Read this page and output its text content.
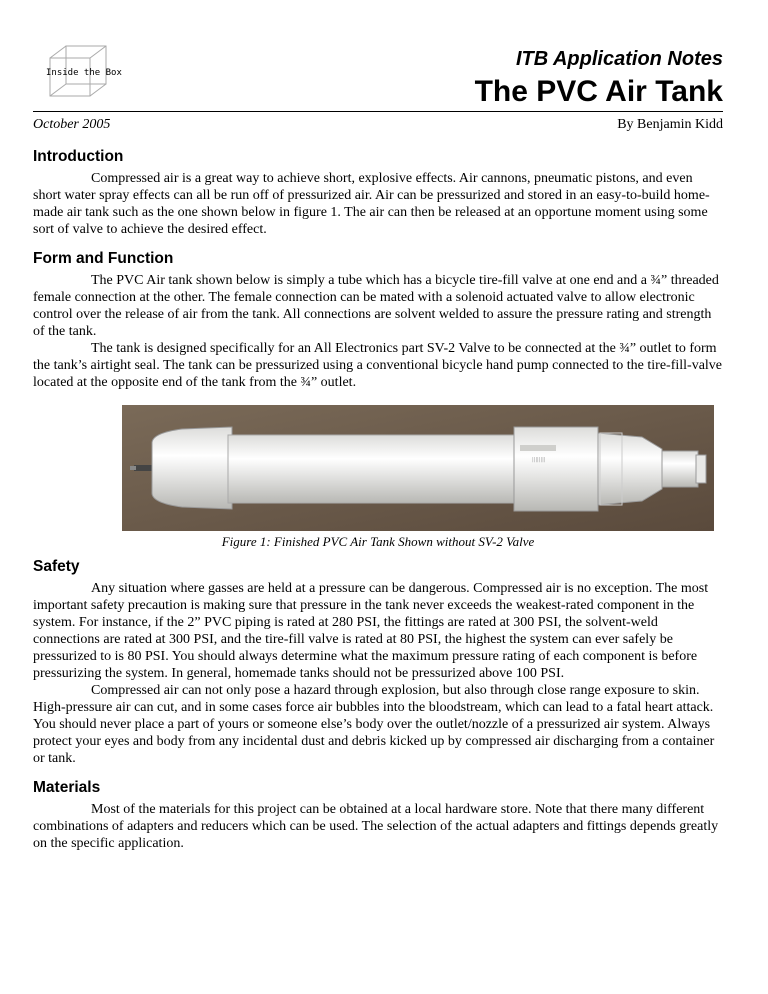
Inside the Box
ITB Application Notes
The PVC Air Tank
October 2005	By Benjamin Kidd
Introduction

Compressed air is a great way to achieve short, explosive effects. Air cannons, pneumatic pistons, and even short water spray effects can all be run off of pressurized air. Air can be pressurized and stored in an easy-to-build home-made air tank such as the one shown below in figure 1. The air can then be released at an opportune moment using some sort of valve to achieve the desired effect.

Form and Function

The PVC Air tank shown below is simply a tube which has a bicycle tire-fill valve at one end and a ¾” threaded female connection at the other. The female connection can be mated with a solenoid actuated valve to allow electronic control over the release of air from the tank. All connections are solvent welded to assure the pressure rating and strength of the tank.

The tank is designed specifically for an All Electronics part SV-2 Valve to be connected at the ¾” outlet to form the tank’s airtight seal. The tank can be pressurized using a conventional bicycle hand pump connected to the tire-fill-valve located at the opposite end of the tank from the ¾” outlet.

||||||||
Figure 1: Finished PVC Air Tank Shown without SV-2 Valve
Safety

Any situation where gasses are held at a pressure can be dangerous. Compressed air is no exception. The most important safety precaution is making sure that pressure in the tank never exceeds the weakest-rated component in the system. For instance, if the 2” PVC piping is rated at 280 PSI, the fittings are rated at 300 PSI, the solvent-weld connections are rated at 300 PSI, and the tire-fill valve is rated at 80 PSI, the highest the system can ever safely be pressurized to is 80 PSI. You should always determine what the maximum pressure rating of each component is before pressurizing the system. In general, homemade tanks should not be pressurized above 100 PSI.

Compressed air can not only pose a hazard through explosion, but also through close range exposure to skin. High-pressure air can cut, and in some cases force air bubbles into the bloodstream, which can lead to a fatal heart attack. You should never place a part of yours or someone else’s body over the outlet/nozzle of a pressurized air system. Always protect your eyes and body from any incidental dust and debris kicked up by compressed air discharging from a container or tank.

Materials

Most of the materials for this project can be obtained at a local hardware store. Note that there many different combinations of adapters and reducers which can be used. The selection of the actual adapters and fittings depends greatly on the specific application.
